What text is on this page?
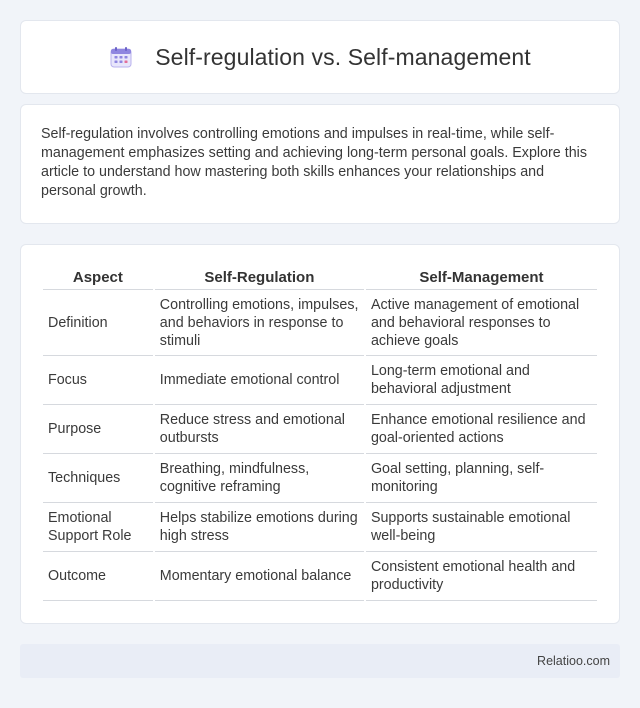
Self-regulation vs. Self-management

Self-regulation involves controlling emotions and impulses in real-time, while self-management emphasizes setting and achieving long-term personal goals. Explore this article to understand how mastering both skills enhances your relationships and personal growth.

Aspect	Self-Regulation	Self-Management
Definition	Controlling emotions, impulses, and behaviors in response to stimuli	Active management of emotional and behavioral responses to achieve goals
Focus	Immediate emotional control	Long-term emotional and behavioral adjustment
Purpose	Reduce stress and emotional outbursts	Enhance emotional resilience and goal-oriented actions
Techniques	Breathing, mindfulness, cognitive reframing	Goal setting, planning, self-monitoring
Emotional Support Role	Helps stabilize emotions during high stress	Supports sustainable emotional well-being
Outcome	Momentary emotional balance	Consistent emotional health and productivity
Relatioo.com
